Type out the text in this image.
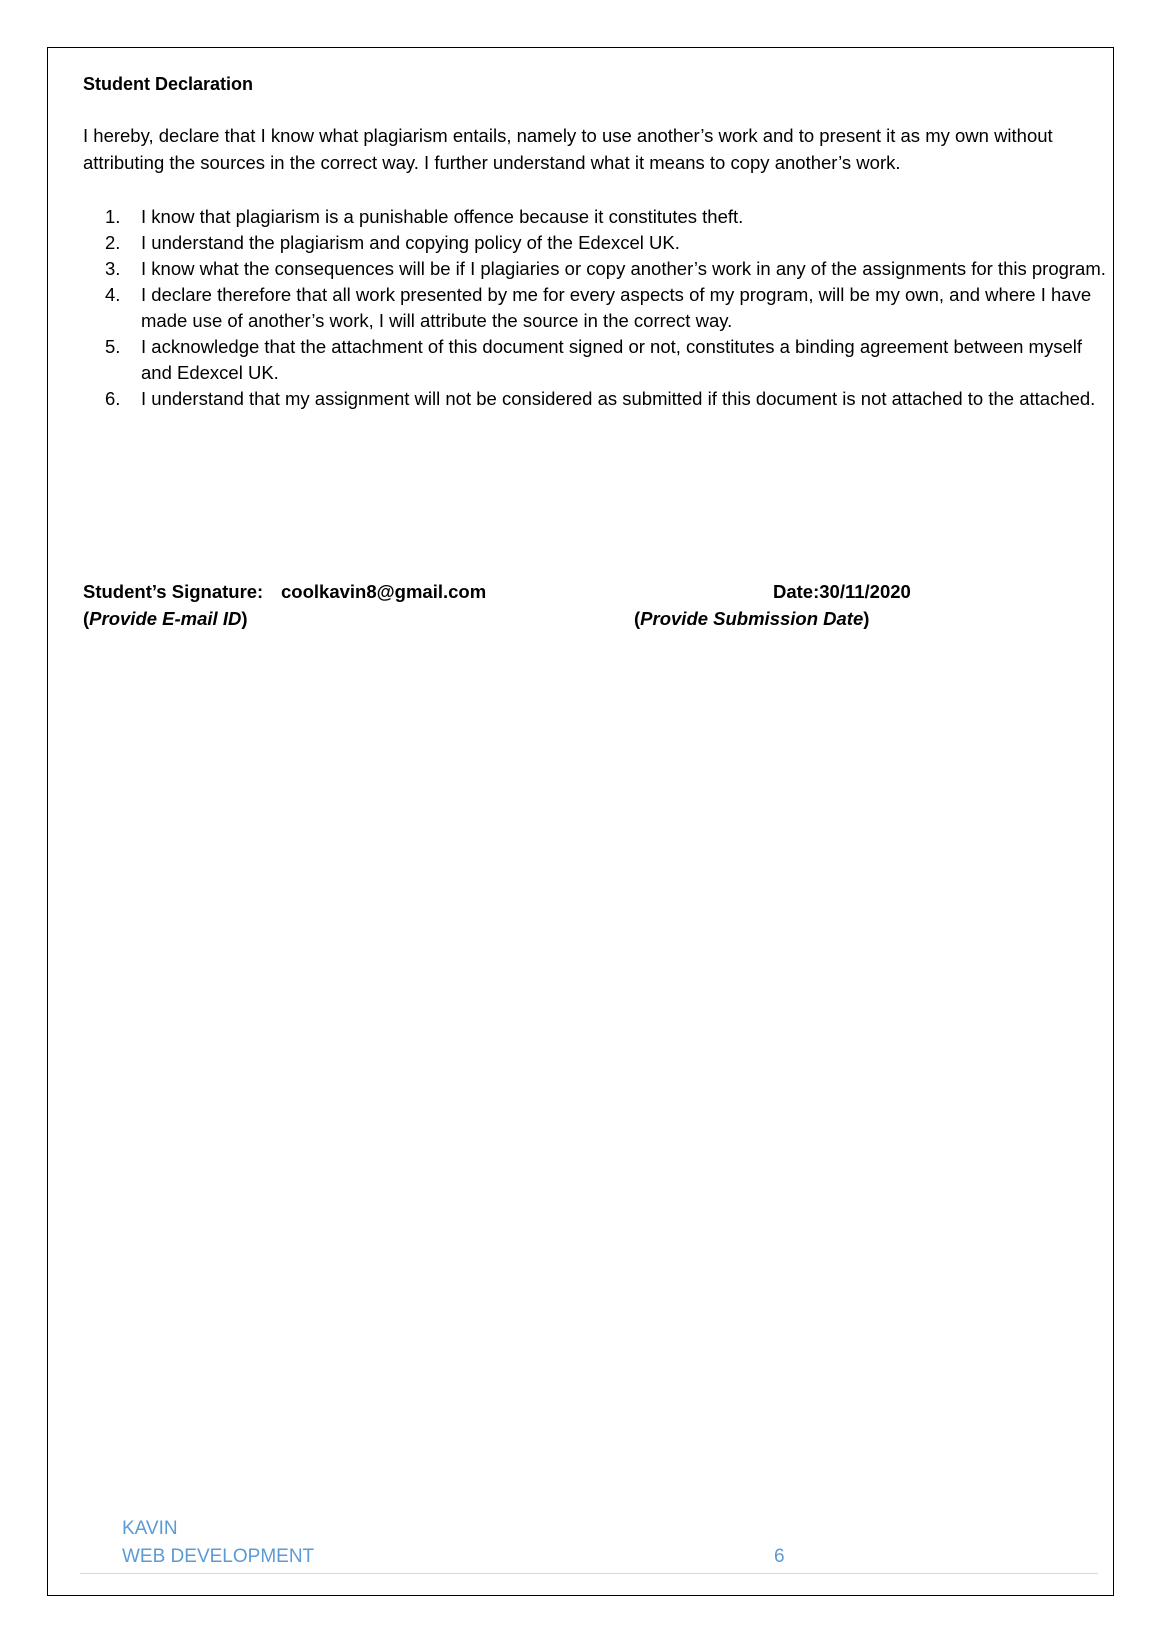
Student Declaration

I hereby, declare that I know what plagiarism entails, namely to use another’s work and to present it as my own without attributing the sources in the correct way. I further understand what it means to copy another’s work.

1. I know that plagiarism is a punishable offence because it constitutes theft.
2. I understand the plagiarism and copying policy of the Edexcel UK.
3. I know what the consequences will be if I plagiaries or copy another’s work in any of the assignments for this program.
4. I declare therefore that all work presented by me for every aspects of my program, will be my own, and where I have made use of another’s work, I will attribute the source in the correct way.
5. I acknowledge that the attachment of this document signed or not, constitutes a binding agreement between myself and Edexcel UK.
6. I understand that my assignment will not be considered as submitted if this document is not attached to the attached.
Student’s Signature: coolkavin8@gmail.com	Date:30/11/2020
(Provide E-mail ID)	(Provide Submission Date)
KAVIN
WEB DEVELOPMENT	6
